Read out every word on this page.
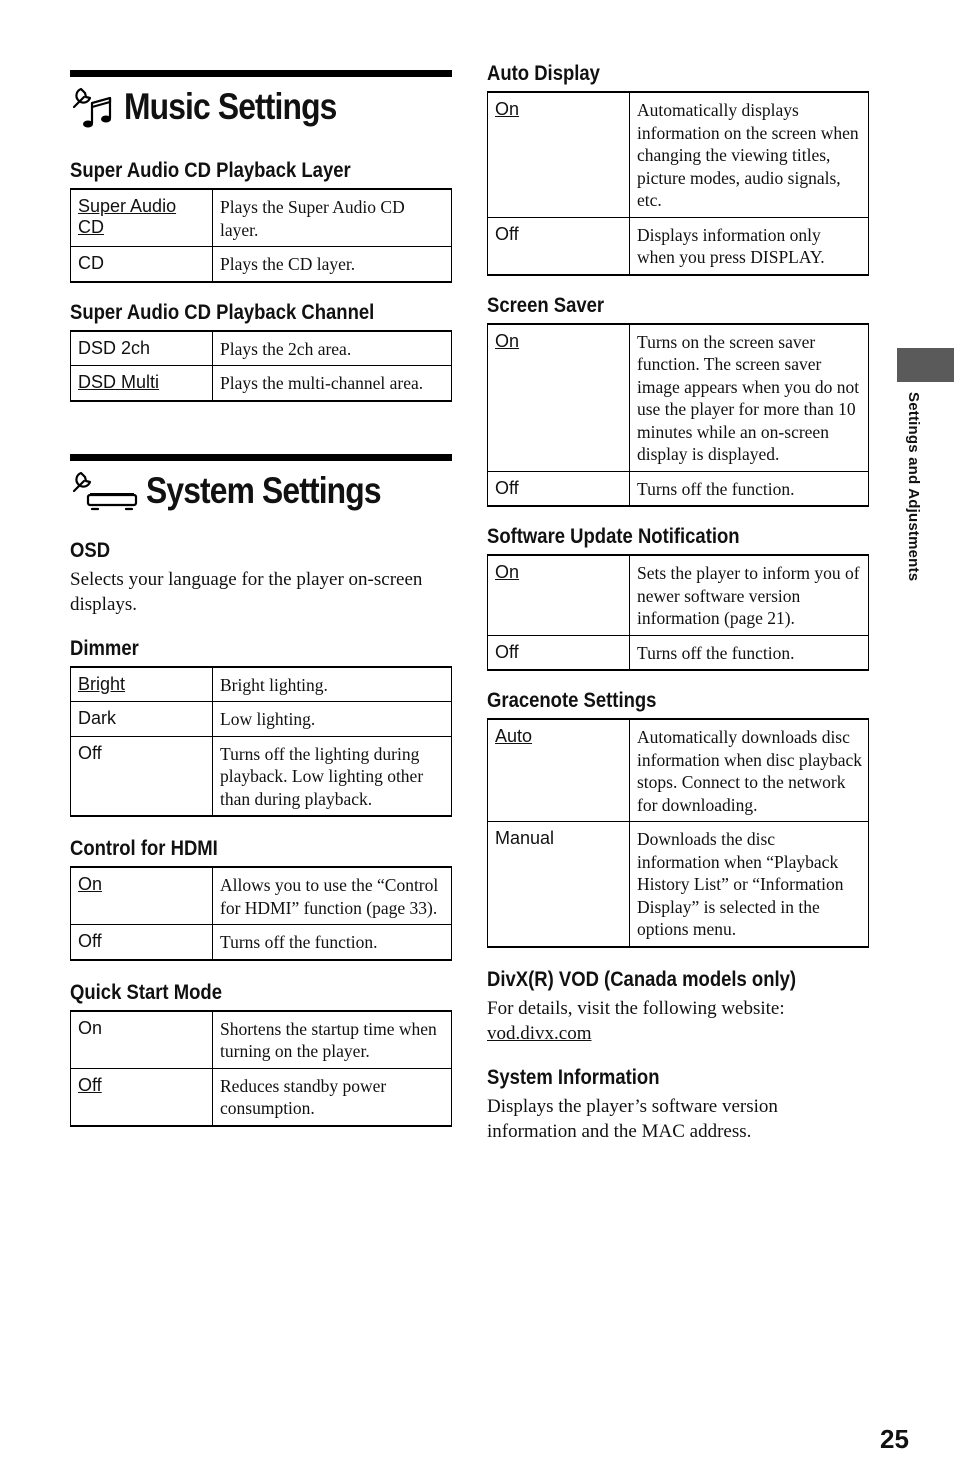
Music Settings
Super Audio CD Playback Layer
Super Audio CD	Plays the Super Audio CD layer.
CD	Plays the CD layer.
Super Audio CD Playback Channel
DSD 2ch	Plays the 2ch area.
DSD Multi	Plays the multi-channel area.
System Settings
OSD

Selects your language for the player on-screen displays.

Dimmer
Bright	Bright lighting.
Dark	Low lighting.
Off	Turns off the lighting during playback. Low lighting other than during playback.
Control for HDMI
On	Allows you to use the “Control for HDMI” function (page 33).
Off	Turns off the function.
Quick Start Mode
On	Shortens the startup time when turning on the player.
Off	Reduces standby power consumption.
Auto Display
On	Automatically displays information on the screen when changing the viewing titles, picture modes, audio signals, etc.
Off	Displays information only when you press DISPLAY.
Screen Saver
On	Turns on the screen saver function. The screen saver image appears when you do not use the player for more than 10 minutes while an on-screen display is displayed.
Off	Turns off the function.
Software Update Notification
On	Sets the player to inform you of newer software version information (page 21).
Off	Turns off the function.
Gracenote Settings
Auto	Automatically downloads disc information when disc playback stops. Connect to the network for downloading.
Manual	Downloads the disc information when “Playback History List” or “Information Display” is selected in the options menu.
DivX(R) VOD (Canada models only)

For details, visit the following website:

vod.divx.com

System Information

Displays the player’s software version information and the MAC address.

Settings and Adjustments
25
